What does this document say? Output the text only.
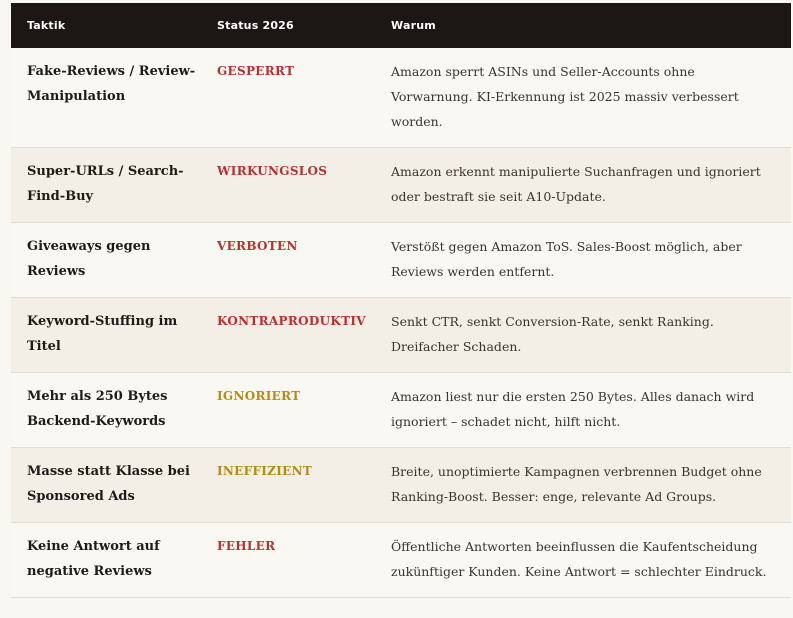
Taktik	Status 2026	Warum
Fake-Reviews / Review-Manipulation	GESPERRT	Amazon sperrt ASINs und Seller-Accounts ohne Vorwarnung. KI-Erkennung ist 2025 massiv verbessert worden.
Super-URLs / Search-Find-Buy	WIRKUNGSLOS	Amazon erkennt manipulierte Suchanfragen und ignoriert oder bestraft sie seit A10-Update.
Giveaways gegen Reviews	VERBOTEN	Verstößt gegen Amazon ToS. Sales-Boost möglich, aber Reviews werden entfernt.
Keyword-Stuffing im Titel	KONTRAPRODUKTIV	Senkt CTR, senkt Conversion-Rate, senkt Ranking. Dreifacher Schaden.
Mehr als 250 Bytes Backend-Keywords	IGNORIERT	Amazon liest nur die ersten 250 Bytes. Alles danach wird ignoriert – schadet nicht, hilft nicht.
Masse statt Klasse bei Sponsored Ads	INEFFIZIENT	Breite, unoptimierte Kampagnen verbrennen Budget ohne Ranking-Boost. Besser: enge, relevante Ad Groups.
Keine Antwort auf negative Reviews	FEHLER	Öffentliche Antworten beeinflussen die Kaufentscheidung zukünftiger Kunden. Keine Antwort = schlechter Eindruck.
